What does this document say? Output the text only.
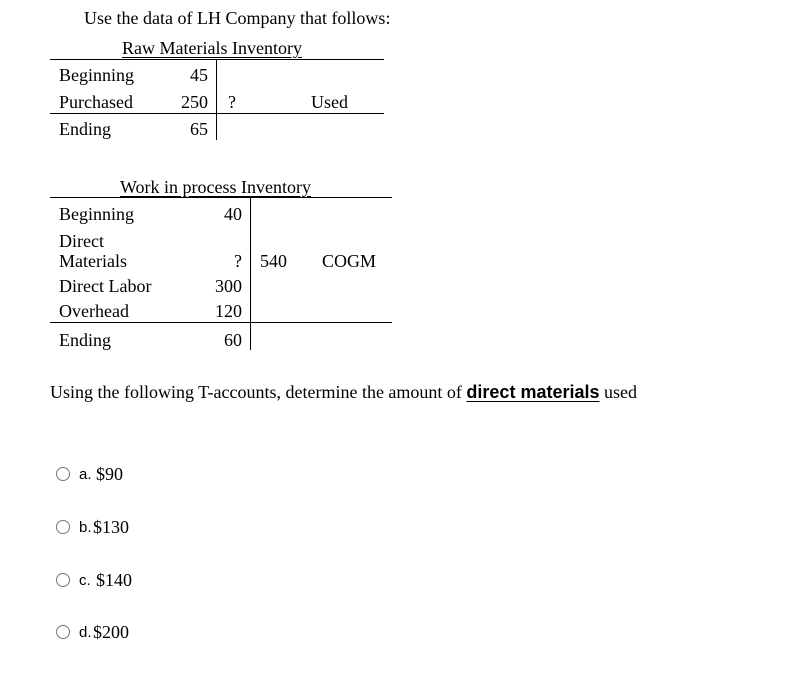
Use the data of LH Company that follows:
Raw Materials Inventory
Beginning	45
Purchased	250 ?	Used
Ending	65
Work in process Inventory
Beginning	40
Direct
Materials	? 540 COGM
Direct Labor	300
Overhead	120
Ending	60
Using the following T-accounts, determine the amount of direct materials used
a. $90
b. $130
c. $140
d. $200
